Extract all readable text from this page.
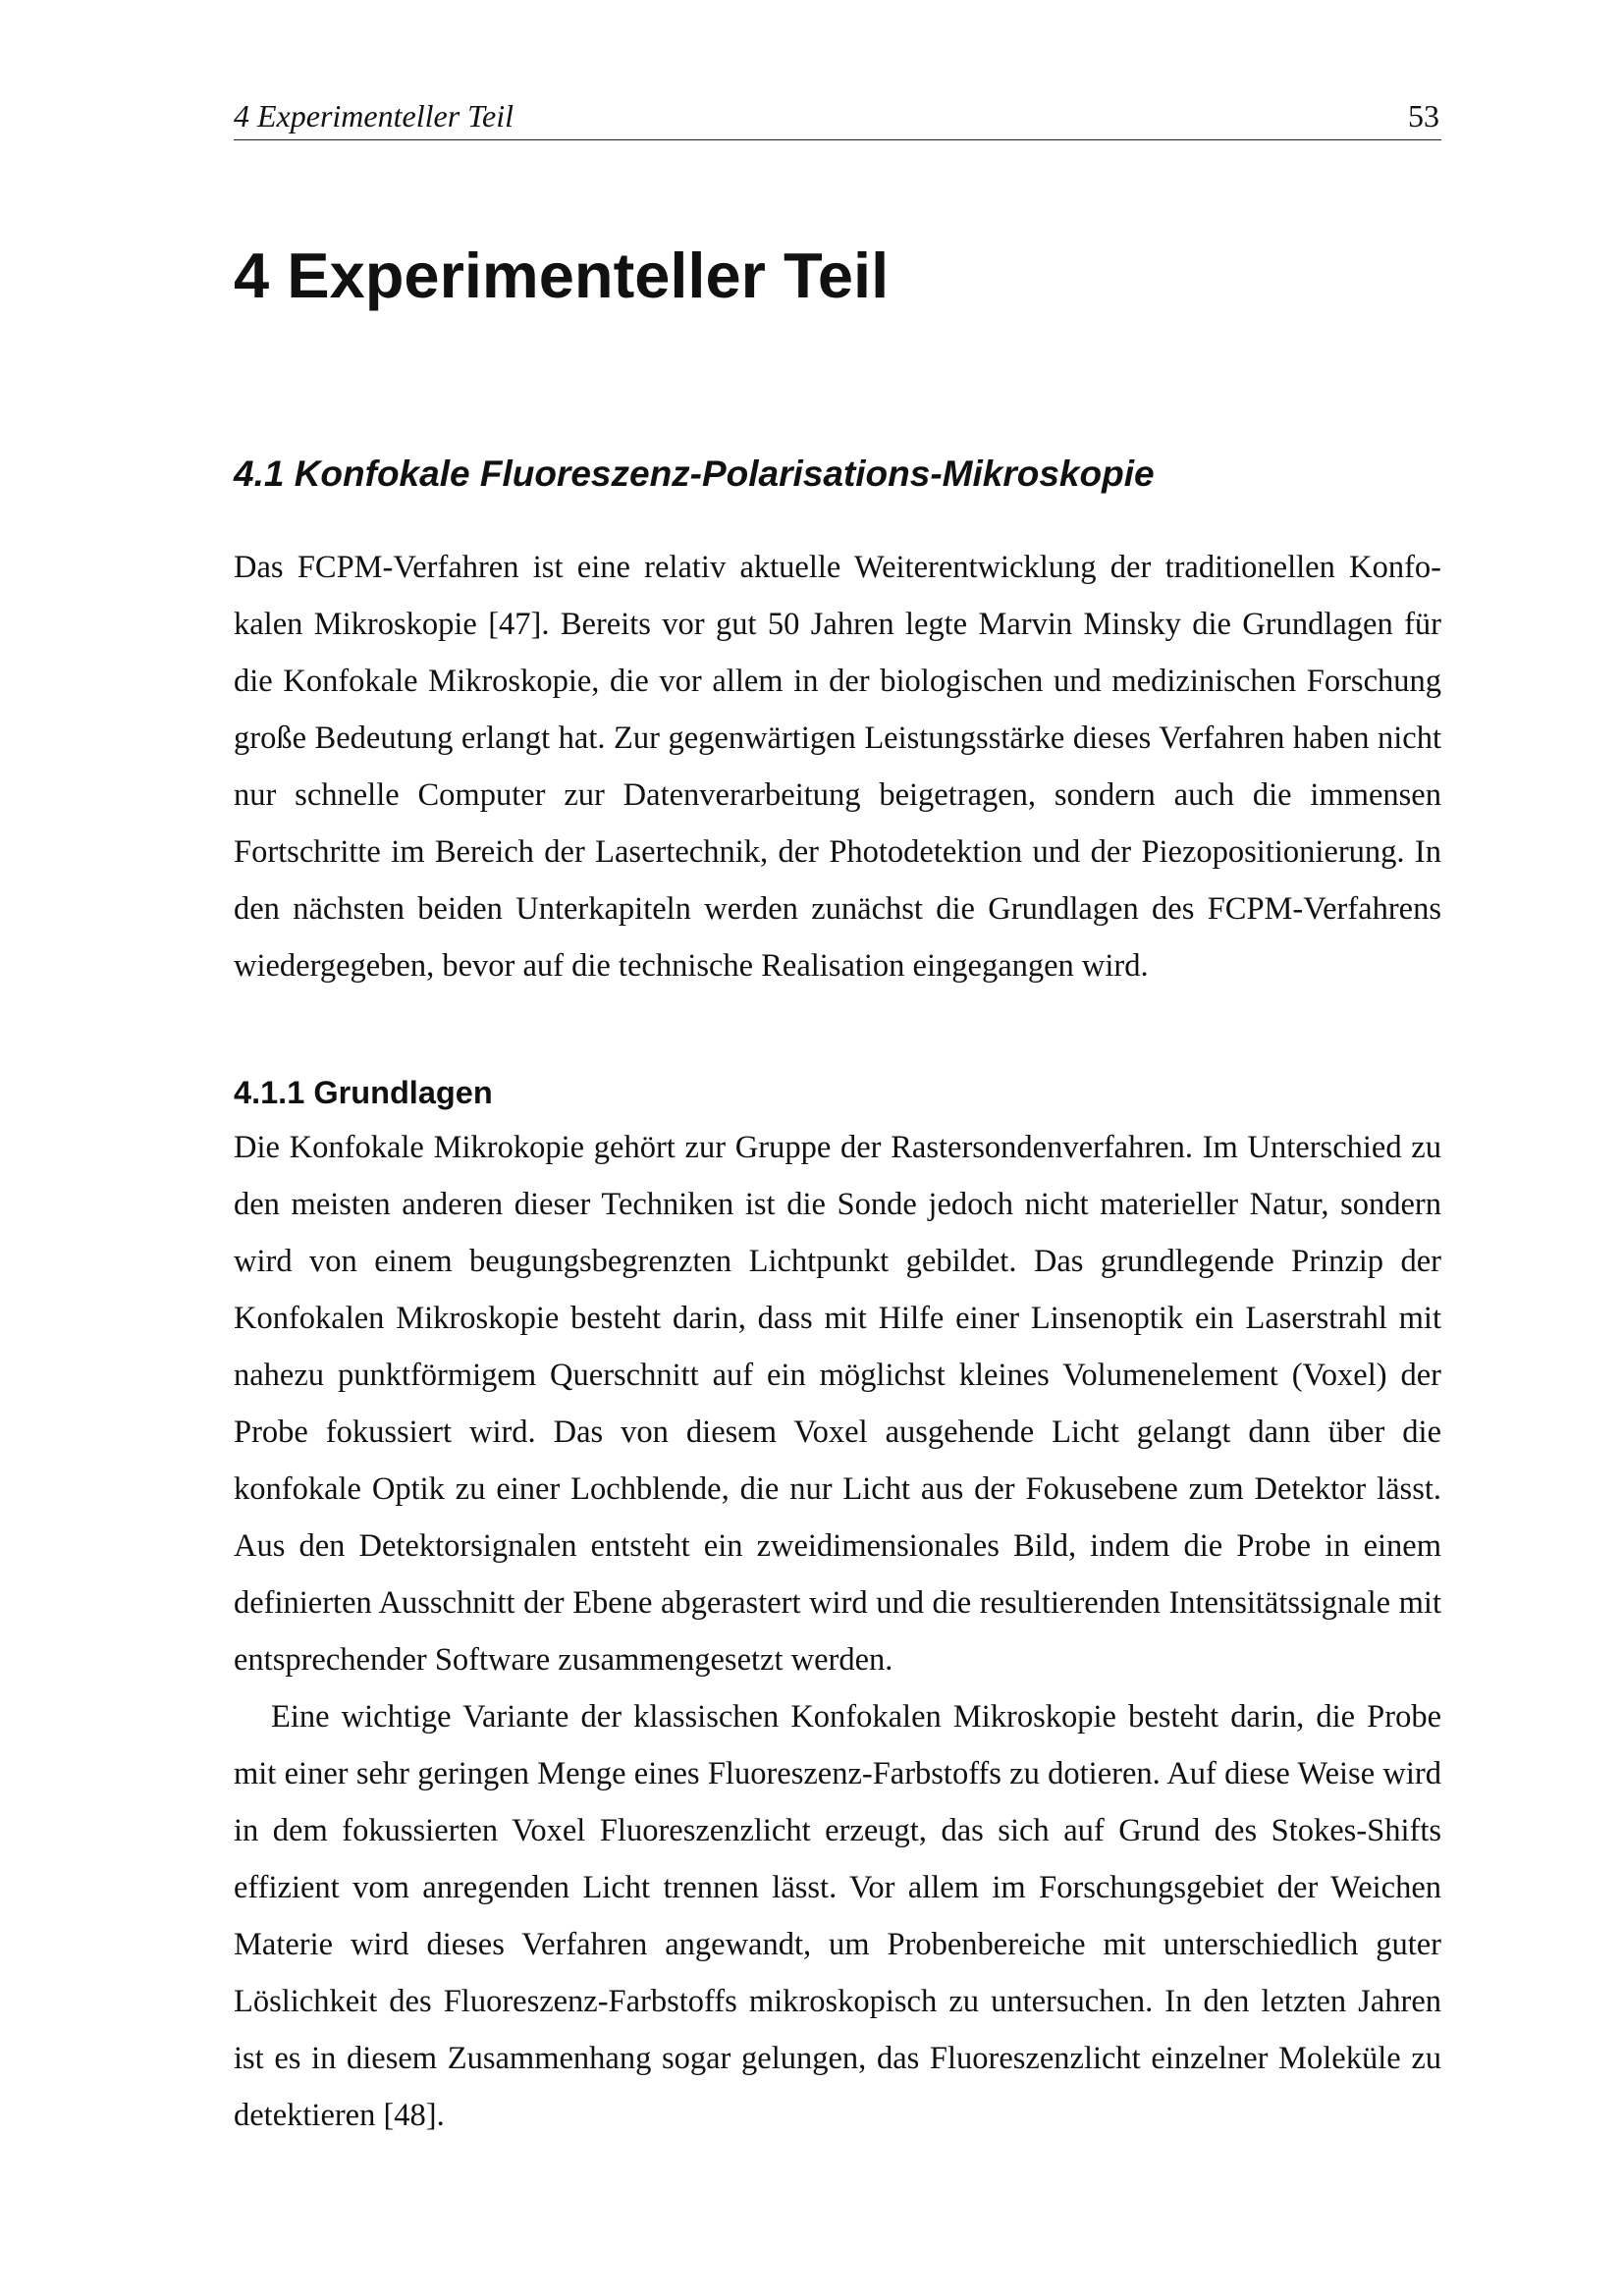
4 Experimenteller Teil	53
4 Experimenteller Teil
4.1 Konfokale Fluoreszenz-Polarisations-Mikroskopie

Das FCPM-Verfahren ist eine relativ aktuelle Weiterentwicklung der traditionellen Konfokalen Mikroskopie [47]. Bereits vor gut 50 Jahren legte Marvin Minsky die Grundlagen für die Konfokale Mikroskopie, die vor allem in der biologischen und medizinischen Forschung große Bedeutung erlangt hat. Zur gegenwärtigen Leistungsstärke dieses Verfahren haben nicht nur schnelle Computer zur Datenverarbeitung beigetragen, sondern auch die immensen Fortschritte im Bereich der Lasertechnik, der Photodetektion und der Piezopositionierung. In den nächsten beiden Unterkapiteln werden zunächst die Grundlagen des FCPM-Verfahrens wiedergegeben, bevor auf die technische Realisation eingegangen wird.

4.1.1 Grundlagen

Die Konfokale Mikrokopie gehört zur Gruppe der Rastersondenverfahren. Im Unterschied zu den meisten anderen dieser Techniken ist die Sonde jedoch nicht materieller Natur, sondern wird von einem beugungsbegrenzten Lichtpunkt gebildet. Das grundlegende Prinzip der Konfokalen Mikroskopie besteht darin, dass mit Hilfe einer Linsenoptik ein Laserstrahl mit nahezu punktförmigem Querschnitt auf ein möglichst kleines Volumenelement (Voxel) der Probe fokussiert wird. Das von diesem Voxel ausgehende Licht gelangt dann über die konfokale Optik zu einer Lochblende, die nur Licht aus der Fokusebene zum Detektor lässt. Aus den Detektorsignalen entsteht ein zweidimensionales Bild, indem die Probe in einem definierten Ausschnitt der Ebene abgerastert wird und die resultierenden Intensitätssignale mit entsprechender Software zusammengesetzt werden.

Eine wichtige Variante der klassischen Konfokalen Mikroskopie besteht darin, die Probe mit einer sehr geringen Menge eines Fluoreszenz-Farbstoffs zu dotieren. Auf diese Weise wird in dem fokussierten Voxel Fluoreszenzlicht erzeugt, das sich auf Grund des Stokes-Shifts effizient vom anregenden Licht trennen lässt. Vor allem im Forschungsgebiet der Weichen Materie wird dieses Verfahren angewandt, um Probenbereiche mit unterschiedlich guter Löslichkeit des Fluoreszenz-Farbstoffs mikroskopisch zu untersuchen. In den letzten Jahren ist es in diesem Zusammenhang sogar gelungen, das Fluoreszenzlicht einzelner Moleküle zu detektieren [48].
